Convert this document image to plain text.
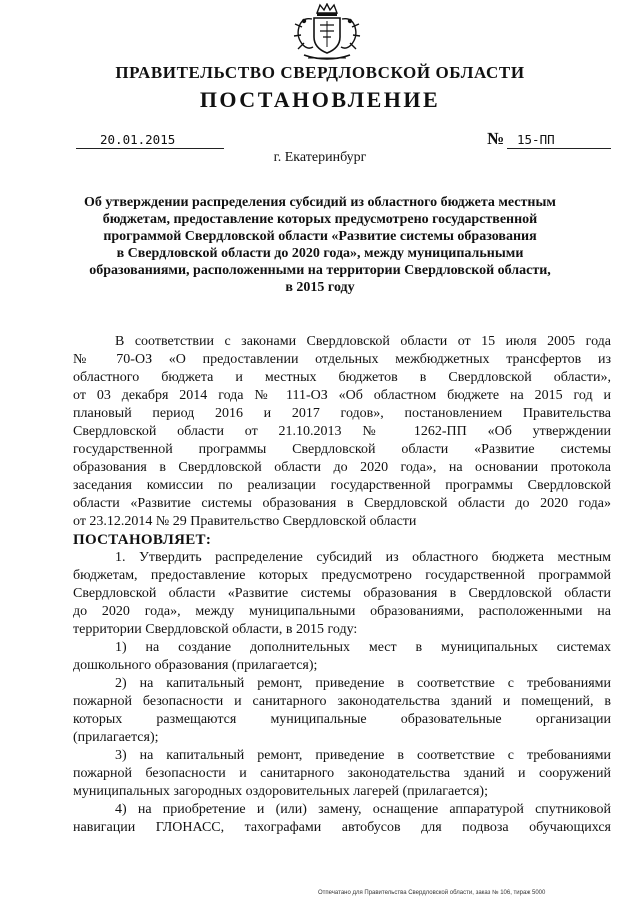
ПРАВИТЕЛЬСТВО СВЕРДЛОВСКОЙ ОБЛАСТИ
ПОСТАНОВЛЕНИЕ
20.01.2015	№	15-ПП
г. Екатеринбург
Об утверждении распределения субсидий из областного бюджета местным
бюджетам, предоставление которых предусмотрено государственной
программой Свердловской области «Развитие системы образования
в Свердловской области до 2020 года», между муниципальными
образованиями, расположенными на территории Свердловской области,
в 2015 году
В соответствии с законами Свердловской области от 15 июля 2005 года
№ 70-ОЗ «О предоставлении отдельных межбюджетных трансфертов из
областного бюджета и местных бюджетов в Свердловской области»,
от 03 декабря 2014 года № 111-ОЗ «Об областном бюджете на 2015 год и
плановый период 2016 и 2017 годов», постановлением Правительства
Свердловской области от 21.10.2013 № 1262-ПП «Об утверждении
государственной программы Свердловской области «Развитие системы
образования в Свердловской области до 2020 года», на основании протокола
заседания комиссии по реализации государственной программы Свердловской
области «Развитие системы образования в Свердловской области до 2020 года»
от 23.12.2014 № 29 Правительство Свердловской области
ПОСТАНОВЛЯЕТ:
1. Утвердить распределение субсидий из областного бюджета местным
бюджетам, предоставление которых предусмотрено государственной программой
Свердловской области «Развитие системы образования в Свердловской области
до 2020 года», между муниципальными образованиями, расположенными на
территории Свердловской области, в 2015 году:
1) на создание дополнительных мест в муниципальных системах
дошкольного образования (прилагается);
2) на капитальный ремонт, приведение в соответствие с требованиями
пожарной безопасности и санитарного законодательства зданий и помещений, в
которых размещаются муниципальные образовательные организации
(прилагается);
3) на капитальный ремонт, приведение в соответствие с требованиями
пожарной безопасности и санитарного законодательства зданий и сооружений
муниципальных загородных оздоровительных лагерей (прилагается);
4) на приобретение и (или) замену, оснащение аппаратурой спутниковой
навигации ГЛОНАСС, тахографами автобусов для подвоза обучающихся
Отпечатано для Правительства Свердловской области, заказ № 106, тираж 5000
